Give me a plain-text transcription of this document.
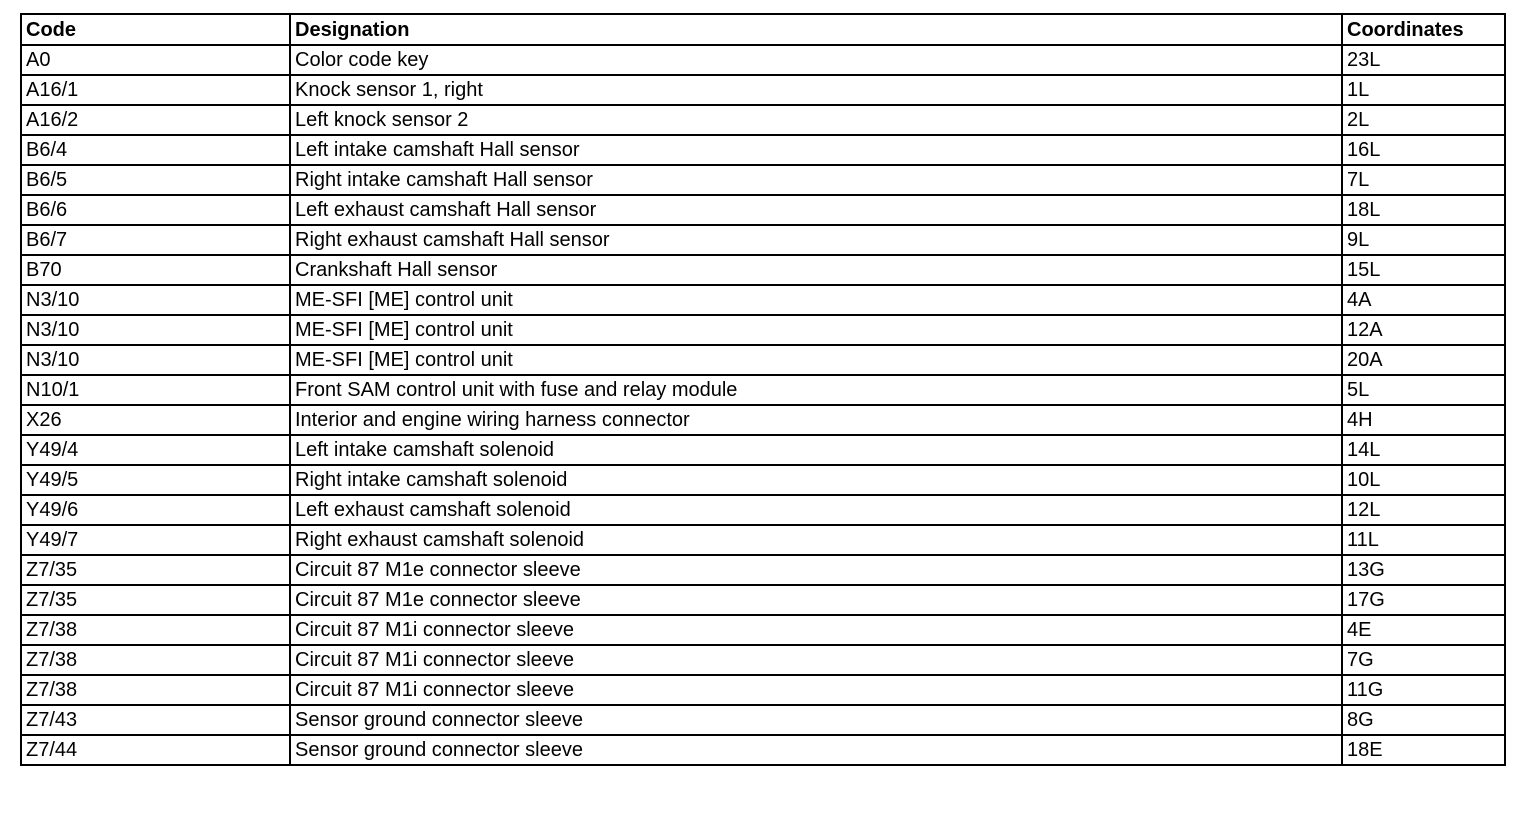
Code	Designation	Coordinates
A0	Color code key	23L
A16/1	Knock sensor 1, right	1L
A16/2	Left knock sensor 2	2L
B6/4	Left intake camshaft Hall sensor	16L
B6/5	Right intake camshaft Hall sensor	7L
B6/6	Left exhaust camshaft Hall sensor	18L
B6/7	Right exhaust camshaft Hall sensor	9L
B70	Crankshaft Hall sensor	15L
N3/10	ME-SFI [ME] control unit	4A
N3/10	ME-SFI [ME] control unit	12A
N3/10	ME-SFI [ME] control unit	20A
N10/1	Front SAM control unit with fuse and relay module	5L
X26	Interior and engine wiring harness connector	4H
Y49/4	Left intake camshaft solenoid	14L
Y49/5	Right intake camshaft solenoid	10L
Y49/6	Left exhaust camshaft solenoid	12L
Y49/7	Right exhaust camshaft solenoid	11L
Z7/35	Circuit 87 M1e connector sleeve	13G
Z7/35	Circuit 87 M1e connector sleeve	17G
Z7/38	Circuit 87 M1i connector sleeve	4E
Z7/38	Circuit 87 M1i connector sleeve	7G
Z7/38	Circuit 87 M1i connector sleeve	11G
Z7/43	Sensor ground connector sleeve	8G
Z7/44	Sensor ground connector sleeve	18E
